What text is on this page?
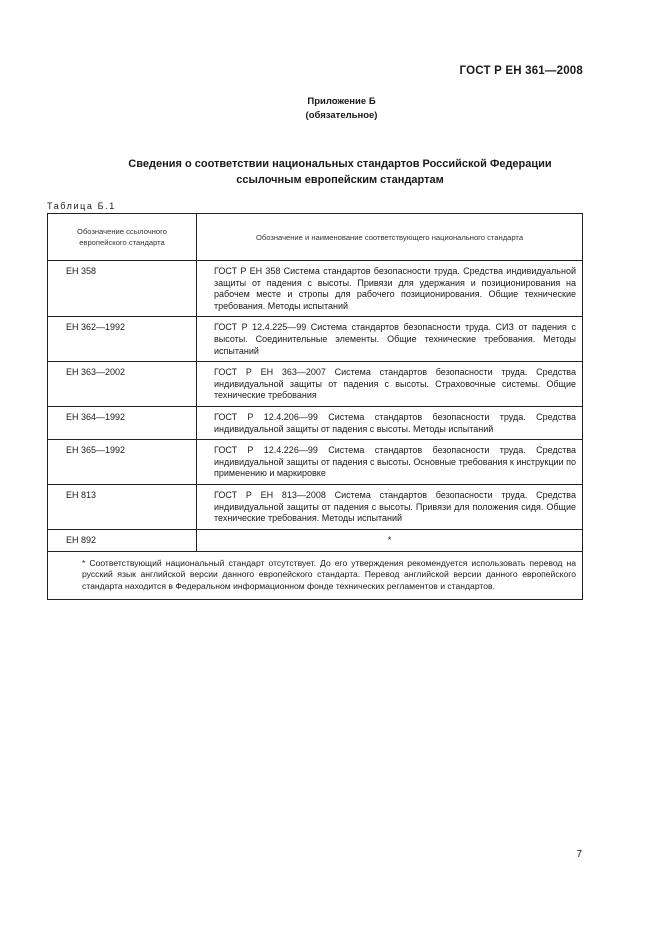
ГОСТ Р ЕН 361—2008
Приложение Б
(обязательное)
Сведения о соответствии национальных стандартов Российской Федерации
ссылочным европейским стандартам
Таблица Б.1
Обозначение ссылочного европейского стандарта	Обозначение и наименование соответствующего национального стандарта
ЕН 358	ГОСТ Р ЕН 358 Система стандартов безопасности труда. Средства индивидуальной защиты от падения с высоты. Привязи для удержания и позиционирования на рабочем месте и стропы для рабочего позиционирования. Общие технические требования. Методы испытаний

ЕН 362—1992	ГОСТ Р 12.4.225—99 Система стандартов безопасности труда. СИЗ от падения с высоты. Соединительные элементы. Общие технические требования. Методы испытаний

ЕН 363—2002	ГОСТ Р ЕН 363—2007 Система стандартов безопасности труда. Средства индивидуальной защиты от падения с высоты. Страховочные системы. Общие технические требования

ЕН 364—1992	ГОСТ Р 12.4.206—99 Система стандартов безопасности труда. Средства индивидуальной защиты от падения с высоты. Методы испытаний

ЕН 365—1992	ГОСТ Р 12.4.226—99 Система стандартов безопасности труда. Средства индивидуальной защиты от падения с высоты. Основные требования к инструкции по применению и маркировке

ЕН 813	ГОСТ Р ЕН 813—2008 Система стандартов безопасности труда. Средства индивидуальной защиты от падения с высоты. Привязи для положения сидя. Общие технические требования. Методы испытаний

ЕН 892	*

* Соответствующий национальный стандарт отсутствует. До его утверждения рекомендуется использовать перевод на русский язык английской версии данного европейского стандарта. Перевод английской версии данного европейского стандарта находится в Федеральном информационном фонде технических регламентов и стандартов.	
7
